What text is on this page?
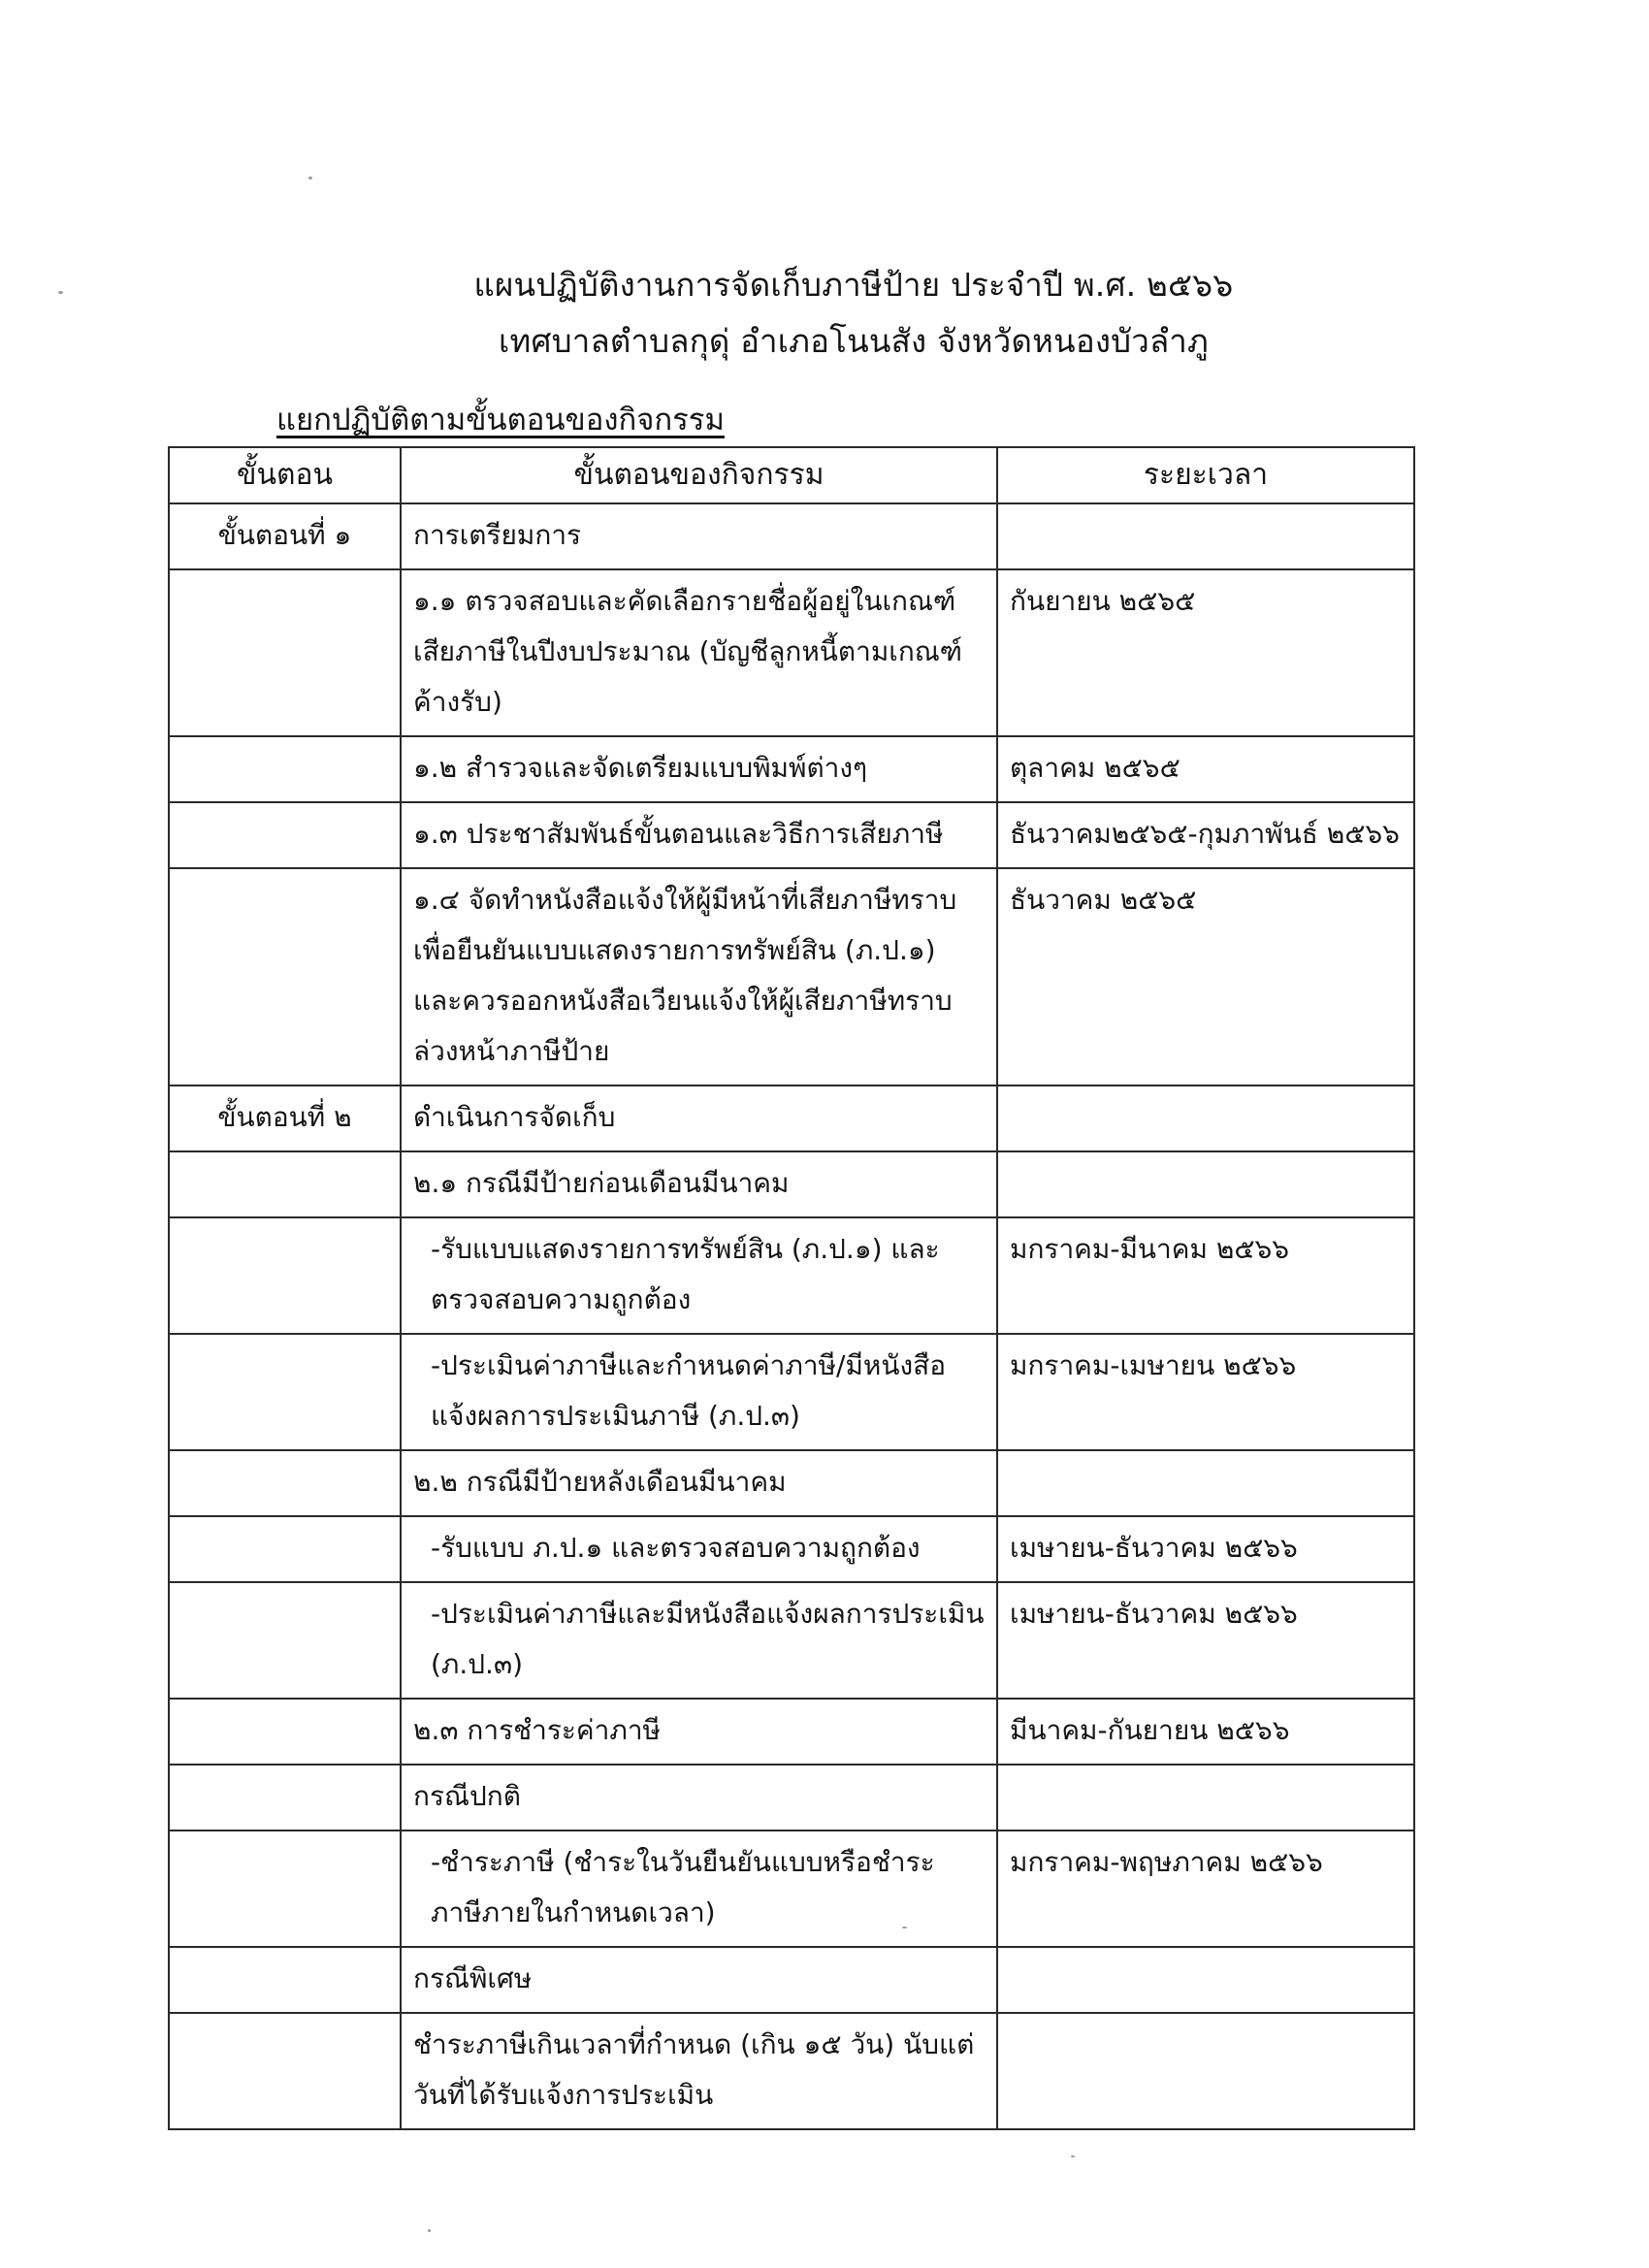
แผนปฏิบัติงานการจัดเก็บภาษีป้าย ประจำปี พ.ศ. ๒๕๖๖
เทศบาลตำบลกุดุ่ อำเภอโนนสัง จังหวัดหนองบัวลำภู
แยกปฏิบัติตามขั้นตอนของกิจกรรม
ขั้นตอน	ขั้นตอนของกิจกรรม	ระยะเวลา
ขั้นตอนที่ ๑	การเตรียมการ	
	๑.๑ ตรวจสอบและคัดเลือกรายชื่อผู้อยู่ในเกณฑ์เสียภาษีในปีงบประมาณ (บัญชีลูกหนี้ตามเกณฑ์ค้างรับ)	กันยายน ๒๕๖๕
	๑.๒ สำรวจและจัดเตรียมแบบพิมพ์ต่างๆ	ตุลาคม ๒๕๖๕
	๑.๓ ประชาสัมพันธ์ขั้นตอนและวิธีการเสียภาษี	ธันวาคม๒๕๖๕-กุมภาพันธ์ ๒๕๖๖
	๑.๔ จัดทำหนังสือแจ้งให้ผู้มีหน้าที่เสียภาษีทราบเพื่อยืนยันแบบแสดงรายการทรัพย์สิน (ภ.ป.๑) และควรออกหนังสือเวียนแจ้งให้ผู้เสียภาษีทราบล่วงหน้าภาษีป้าย	ธันวาคม ๒๕๖๕
ขั้นตอนที่ ๒	ดำเนินการจัดเก็บ	
	๒.๑ กรณีมีป้ายก่อนเดือนมีนาคม	
	-รับแบบแสดงรายการทรัพย์สิน (ภ.ป.๑) และตรวจสอบความถูกต้อง	มกราคม-มีนาคม ๒๕๖๖
	-ประเมินค่าภาษีและกำหนดค่าภาษี/มีหนังสือแจ้งผลการประเมินภาษี (ภ.ป.๓)	มกราคม-เมษายน ๒๕๖๖
	๒.๒ กรณีมีป้ายหลังเดือนมีนาคม	
	-รับแบบ ภ.ป.๑ และตรวจสอบความถูกต้อง	เมษายน-ธันวาคม ๒๕๖๖
	-ประเมินค่าภาษีและมีหนังสือแจ้งผลการประเมิน (ภ.ป.๓)	เมษายน-ธันวาคม ๒๕๖๖
	๒.๓ การชำระค่าภาษี	มีนาคม-กันยายน ๒๕๖๖
	กรณีปกติ	
	-ชำระภาษี (ชำระในวันยืนยันแบบหรือชำระภาษีภายในกำหนดเวลา)	มกราคม-พฤษภาคม ๒๕๖๖
	กรณีพิเศษ	
	ชำระภาษีเกินเวลาที่กำหนด (เกิน ๑๕ วัน) นับแต่วันที่ได้รับแจ้งการประเมิน	
